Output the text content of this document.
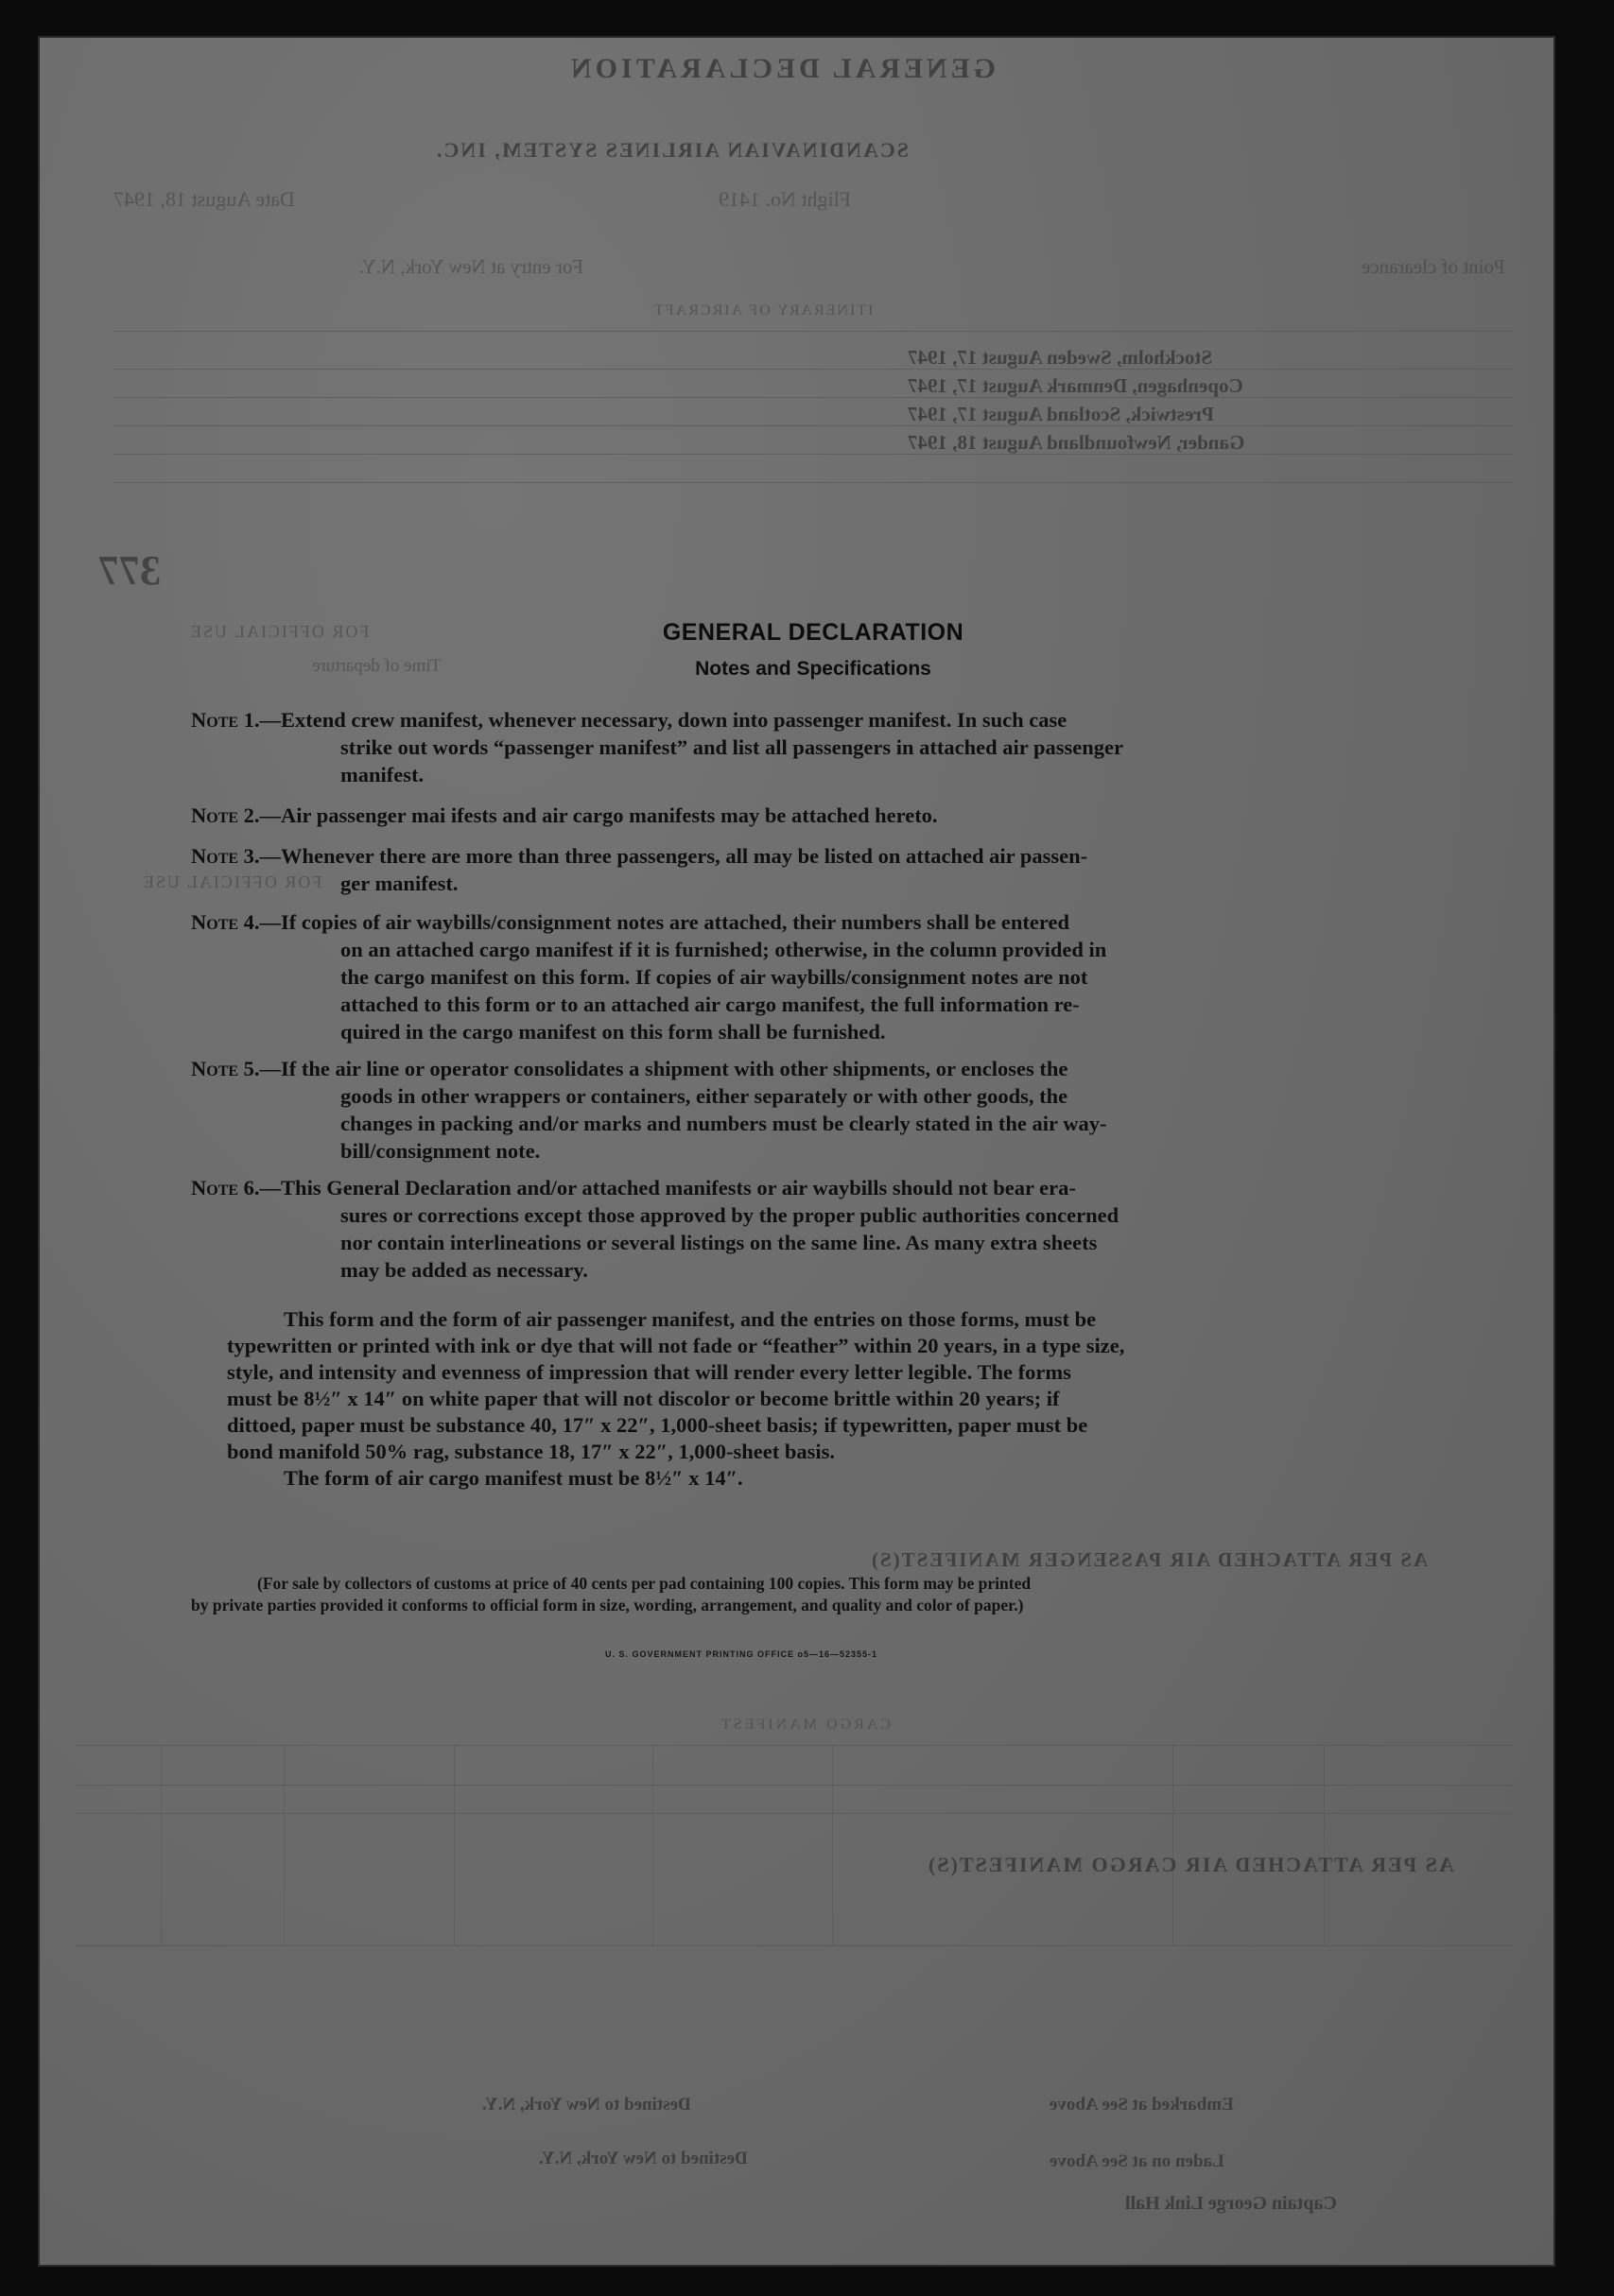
GENERAL DECLARATION
SCANDINAVIAN AIRLINES SYSTEM, INC.
Flight No. 1419
Date August 18, 1947
For entry at New York, N.Y.	Point of clearance
ITINERARY OF AIRCRAFT
Stockholm, Sweden August 17, 1947
Copenhagen, Denmark August 17, 1947
Prestwick, Scotland August 17, 1947
Gander, Newfoundland August 18, 1947
377
FOR OFFICIAL USE
Time of departure
FOR OFFICIAL USE
AS PER ATTACHED AIR PASSENGER MANIFEST(S)
CARGO MANIFEST
AS PER ATTACHED AIR CARGO MANIFEST(S)
Destined to New York, N.Y.	Embarked at See Above
Destined to New York, N.Y.	Laden on at See Above
Captain George Link Hall
GENERAL DECLARATION
Notes and Specifications
Note 1.—Extend crew manifest, whenever necessary, down into passenger manifest. In such case
strike out words “passenger manifest” and list all passengers in attached air passenger
manifest.
Note 2.—Air passenger mai ifests and air cargo manifests may be attached hereto.
Note 3.—Whenever there are more than three passengers, all may be listed on attached air passen-
ger manifest.
Note 4.—If copies of air waybills/consignment notes are attached, their numbers shall be entered
on an attached cargo manifest if it is furnished; otherwise, in the column provided in
the cargo manifest on this form. If copies of air waybills/consignment notes are not
attached to this form or to an attached air cargo manifest, the full information re-
quired in the cargo manifest on this form shall be furnished.
Note 5.—If the air line or operator consolidates a shipment with other shipments, or encloses the
goods in other wrappers or containers, either separately or with other goods, the
changes in packing and/or marks and numbers must be clearly stated in the air way-
bill/consignment note.
Note 6.—This General Declaration and/or attached manifests or air waybills should not bear era-
sures or corrections except those approved by the proper public authorities concerned
nor contain interlineations or several listings on the same line. As many extra sheets
may be added as necessary.
This form and the form of air passenger manifest, and the entries on those forms, must be
typewritten or printed with ink or dye that will not fade or “feather” within 20 years, in a type size,
style, and intensity and evenness of impression that will render every letter legible. The forms
must be 8½″ x 14″ on white paper that will not discolor or become brittle within 20 years; if
dittoed, paper must be substance 40, 17″ x 22″, 1,000-sheet basis; if typewritten, paper must be
bond manifold 50% rag, substance 18, 17″ x 22″, 1,000-sheet basis.
The form of air cargo manifest must be 8½″ x 14″.
(For sale by collectors of customs at price of 40 cents per pad containing 100 copies. This form may be printed
by private parties provided it conforms to official form in size, wording, arrangement, and quality and color of paper.)
U. S. GOVERNMENT PRINTING OFFICE o5—16—52355-1
